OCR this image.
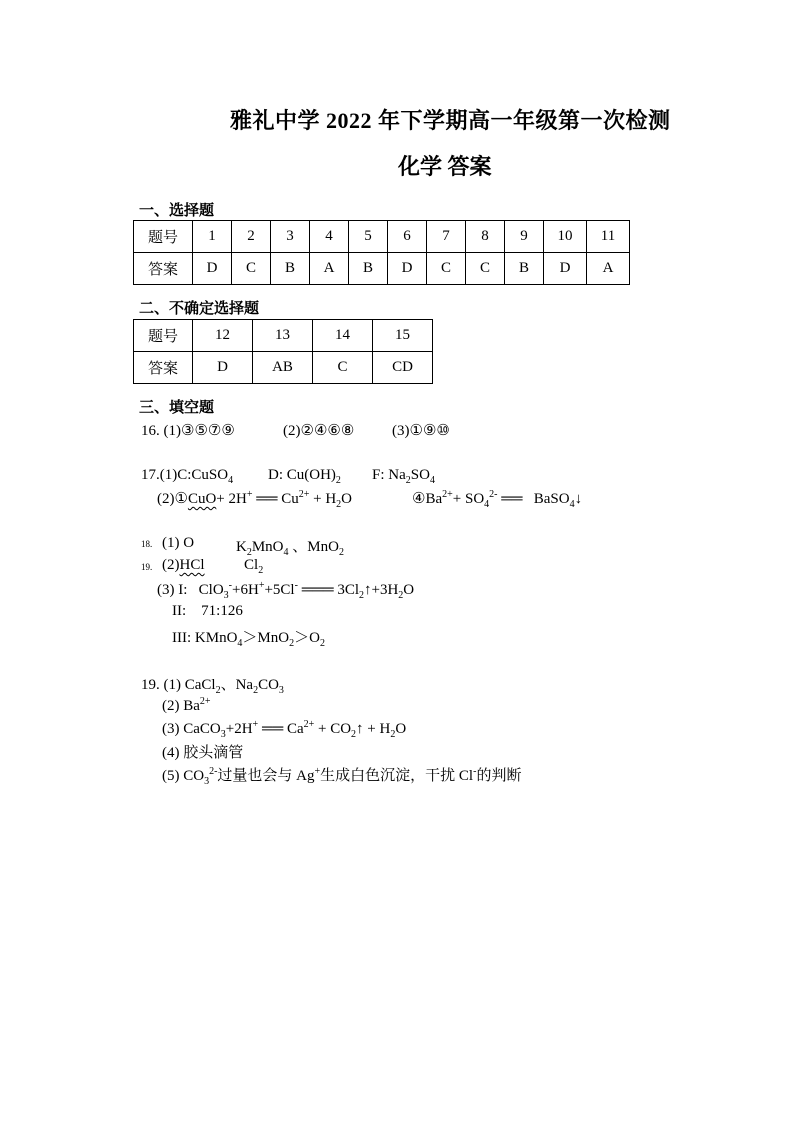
雅礼中学 2022 年下学期高一年级第一次检测
化学 答案
一、选择题
题号	1	2	3	4	5	6	7	8	9	10	11
答案	D	C	B	A	B	D	C	C	B	D	A
二、不确定选择题
题号	12	13	14	15
答案	D	AB	C	CD
三、填空题
16. (1)③⑤⑦⑨	(2)②④⑥⑧	(3)①⑨⑩
17.(1)C:CuSO$_4$ D: $Cu(OH)_2$ F: $Na_2SO_4$
(2)①CuO+ 2H+ ══ $Cu^{2+} + H_2O$	$④Ba^{2+}+ SO_4^{2-}$ ══   BaSO$_4$↓
18. (1) O	$K_2MnO_4$ 、MnO$_2$
19. (2)HCl	$Cl_2$
(3) I: ClO$_3$-+6H++5Cl- ═══ $3Cl_2↑+3H_2O$
II: 71:126
III: $KMnO_4>MnO_2>O_2$
19. (1) CaCl$_2$、$Na_2CO_3$
(2) $Ba^{2+}$
(3) CaCO$_3$+2H+ ══ $Ca^{2+}$ + $CO_2↑ + H_2O$
(4) 胶头滴管
(5) $CO_3^{2-}$过量也会与 Ag+生成白色沉淀，干扰 Cl-的判断
